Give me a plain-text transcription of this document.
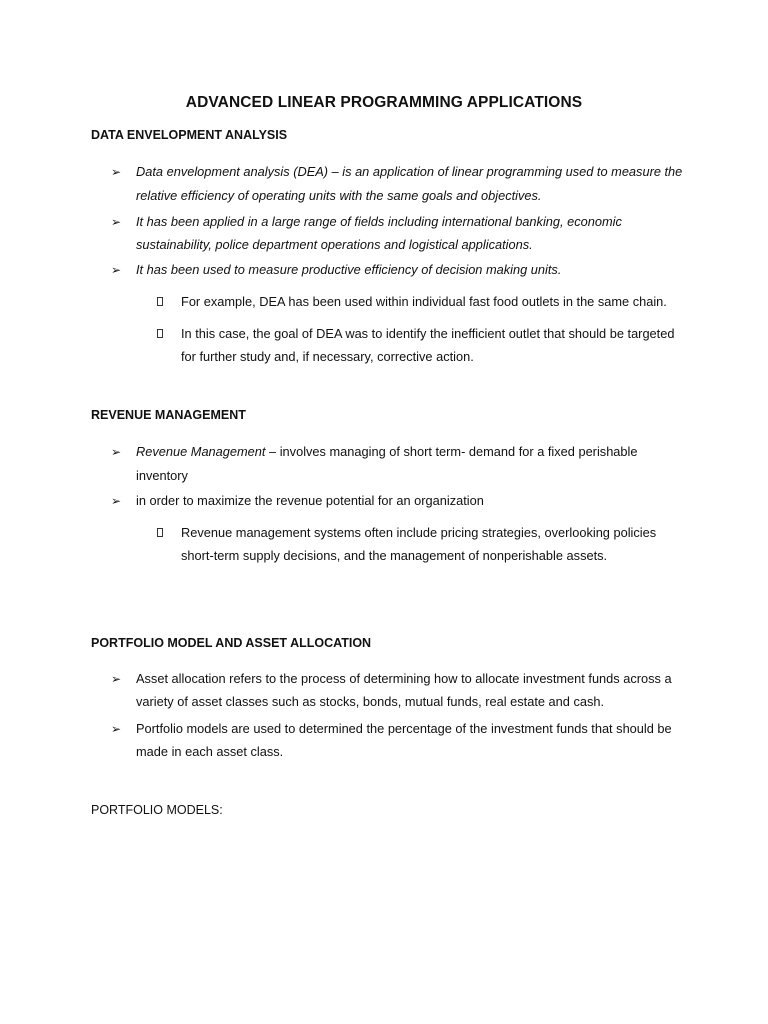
ADVANCED LINEAR PROGRAMMING APPLICATIONS
DATA ENVELOPMENT ANALYSIS
➢ Data envelopment analysis (DEA) – is an application of linear programming used to measure the
relative efficiency of operating units with the same goals and objectives.
➢ It has been applied in a large range of fields including international banking, economic
sustainability, police department operations and logistical applications.
➢ It has been used to measure productive efficiency of decision making units.
For example, DEA has been used within individual fast food outlets in the same chain.
In this case, the goal of DEA was to identify the inefficient outlet that should be targeted
for further study and, if necessary, corrective action.
REVENUE MANAGEMENT
➢ Revenue Management – involves managing of short term- demand for a fixed perishable
inventory
➢ in order to maximize the revenue potential for an organization
Revenue management systems often include pricing strategies, overlooking policies
short-term supply decisions, and the management of nonperishable assets.
PORTFOLIO MODEL AND ASSET ALLOCATION
➢ Asset allocation refers to the process of determining how to allocate investment funds across a
variety of asset classes such as stocks, bonds, mutual funds, real estate and cash.
➢ Portfolio models are used to determined the percentage of the investment funds that should be
made in each asset class.
PORTFOLIO MODELS:
